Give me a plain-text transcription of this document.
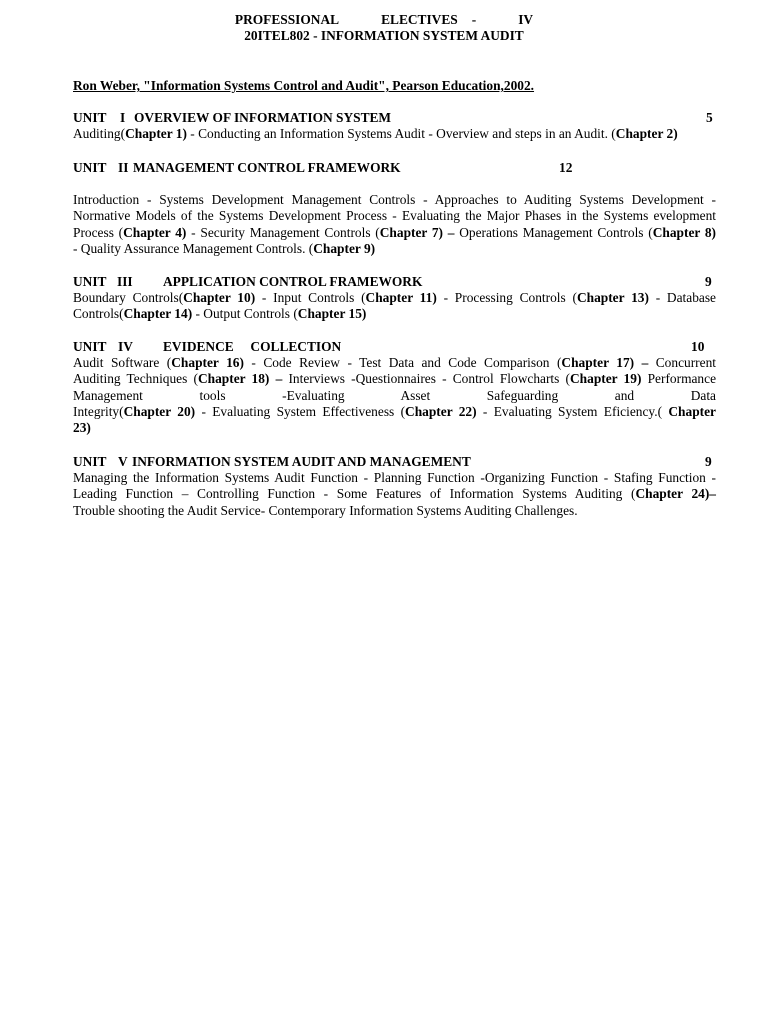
PROFESSIONAL	ELECTIVES -	IV
20ITEL802 - INFORMATION SYSTEM AUDIT
Ron Weber, "Information Systems Control and Audit", Pearson Education,2002.
UNIT I OVERVIEW OF INFORMATION SYSTEM	5
Auditing(Chapter 1) - Conducting an Information Systems Audit - Overview and steps in an Audit. (Chapter 2)
UNIT II MANAGEMENT CONTROL FRAMEWORK	12
Introduction - Systems Development Management Controls - Approaches to Auditing Systems Development -
Normative Models of the Systems Development Process - Evaluating the Major Phases in the Systems evelopment
Process (Chapter 4) - Security Management Controls (Chapter 7) – Operations Management Controls (Chapter 8)
- Quality Assurance Management Controls. (Chapter 9)
UNIT III APPLICATION CONTROL FRAMEWORK	9
Boundary Controls(Chapter 10) - Input Controls (Chapter 11) - Processing Controls (Chapter 13) - Database
Controls(Chapter 14) - Output Controls (Chapter 15)
UNIT IV EVIDENCE     COLLECTION	10
Audit Software (Chapter 16) - Code Review - Test Data and Code Comparison (Chapter 17) – Concurrent
Auditing Techniques (Chapter 18) – Interviews -Questionnaires - Control Flowcharts (Chapter 19) Performance
Management tools -Evaluating Asset Safeguarding and Data
Integrity(Chapter 20) - Evaluating System Effectiveness (Chapter 22) - Evaluating System Eficiency.( Chapter
23)
UNIT V INFORMATION SYSTEM AUDIT AND MANAGEMENT	9
Managing the Information Systems Audit Function - Planning Function -Organizing Function - Stafing Function -
Leading Function – Controlling Function - Some Features of Information Systems Auditing (Chapter 24)–
Trouble shooting the Audit Service- Contemporary Information Systems Auditing Challenges.
